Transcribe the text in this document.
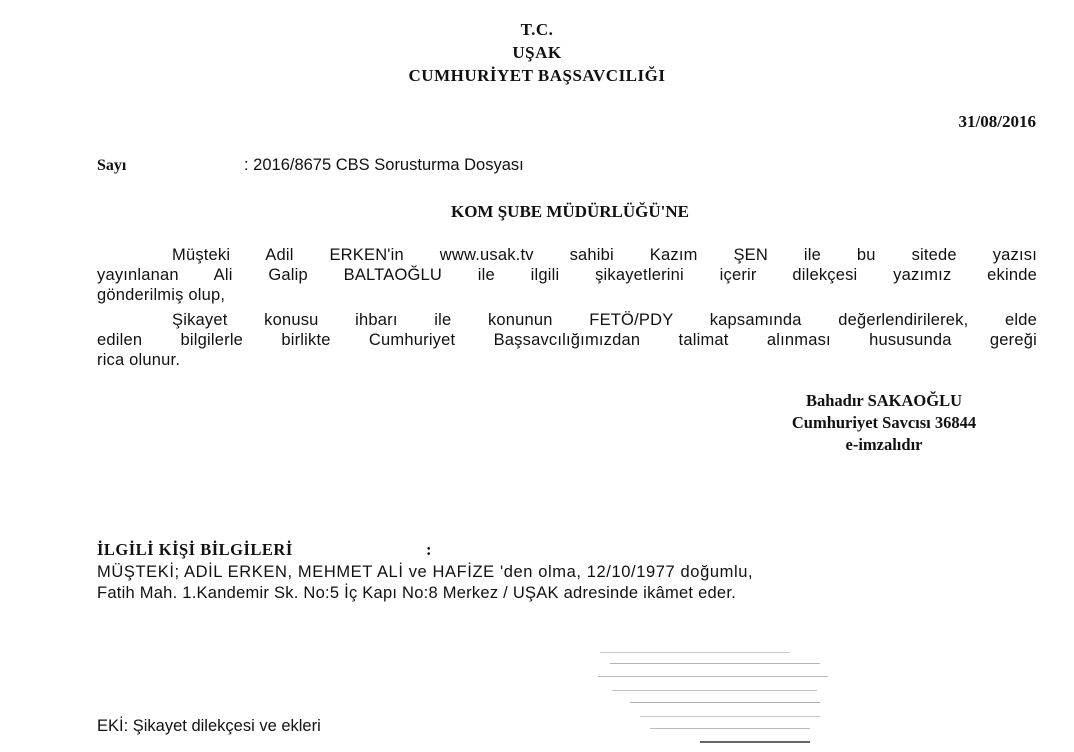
T.C.
UŞAK
CUMHURİYET BAŞSAVCILIĞI
31/08/2016
Sayı	: 2016/8675 CBS Sorusturma Dosyası
KOM ŞUBE MÜDÜRLÜĞÜ'NE
Müşteki Adil ERKEN'in www.usak.tv sahibi Kazım ŞEN ile bu sitede yazısı
yayınlanan Ali Galip BALTAOĞLU ile ilgili şikayetlerini içerir dilekçesi yazımız ekinde
gönderilmiş olup,
Şikayet konusu ihbarı ile konunun FETÖ/PDY kapsamında değerlendirilerek, elde
edilen bilgilerle birlikte Cumhuriyet Başsavcılığımızdan talimat alınması hususunda gereği
rica olunur.
Bahadır SAKAOĞLU
Cumhuriyet Savcısı 36844
e-imzalıdır
İLGİLİ KİŞİ BİLGİLERİ	:
MÜŞTEKİ; ADİL ERKEN, MEHMET ALİ ve HAFİZE 'den olma, 12/10/1977 doğumlu,
Fatih Mah. 1.Kandemir Sk. No:5 İç Kapı No:8 Merkez / UŞAK adresinde ikâmet eder.
EKİ: Şikayet dilekçesi ve ekleri
